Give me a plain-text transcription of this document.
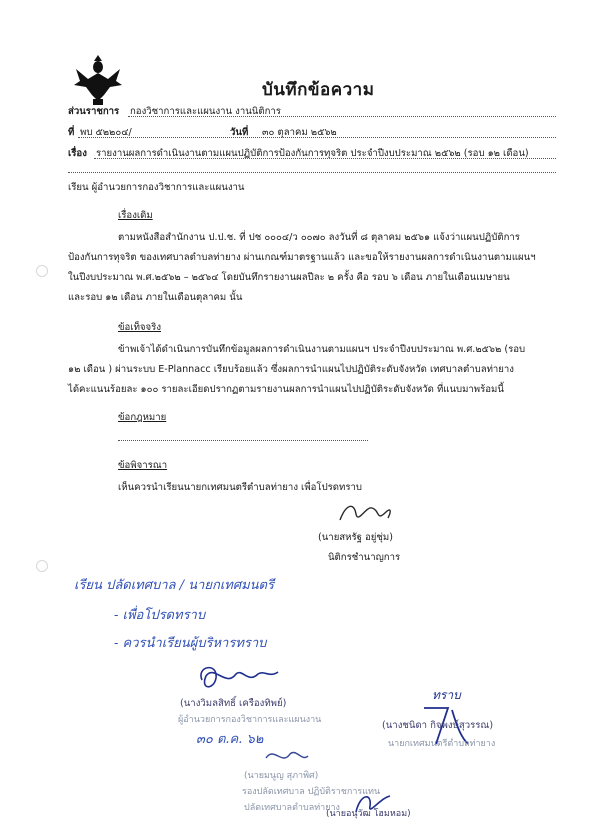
บันทึกข้อความ
ส่วนราชการ กองวิชาการและแผนงาน งานนิติการ
ที่ พบ ๕๒๒๐๔/	วันที่ ๓๐ ตุลาคม ๒๕๖๒
เรื่อง รายงานผลการดำเนินงานตามแผนปฏิบัติการป้องกันการทุจริต ประจำปีงบประมาณ ๒๕๖๒ (รอบ ๑๒ เดือน)
เรียน ผู้อำนวยการกองวิชาการและแผนงาน
เรื่องเดิม
ตามหนังสือสำนักงาน ป.ป.ช. ที่ ปช ๐๐๐๔/ว ๐๐๗๐ ลงวันที่ ๘ ตุลาคม ๒๕๖๑ แจ้งว่าแผนปฏิบัติการ
ป้องกันการทุจริต ของเทศบาลตำบลท่ายาง ผ่านเกณฑ์มาตรฐานแล้ว และขอให้รายงานผลการดำเนินงานตามแผนฯ
ในปีงบประมาณ พ.ศ.๒๕๖๒ – ๒๕๖๔ โดยบันทึกรายงานผลปีละ ๒ ครั้ง คือ รอบ ๖ เดือน ภายในเดือนเมษายน
และรอบ ๑๒ เดือน ภายในเดือนตุลาคม นั้น
ข้อเท็จจริง
ข้าพเจ้าได้ดำเนินการบันทึกข้อมูลผลการดำเนินงานตามแผนฯ ประจำปีงบประมาณ พ.ศ.๒๕๖๒ (รอบ
๑๒ เดือน ) ผ่านระบบ E-Plannacc เรียบร้อยแล้ว ซึ่งผลการนำแผนไปปฏิบัติระดับจังหวัด เทศบาลตำบลท่ายาง
ได้คะแนนร้อยละ ๑๐๐ รายละเอียดปรากฏตามรายงานผลการนำแผนไปปฏิบัติระดับจังหวัด ที่แนบมาพร้อมนี้
ข้อกฎหมาย
ข้อพิจารณา
เห็นควรนำเรียนนายกเทศมนตรีตำบลท่ายาง เพื่อโปรดทราบ
(นายสหรัฐ อยู่ชุ่ม)
นิติกรชำนาญการ
เรียน ปลัดเทศบาล / นายกเทศมนตรี
- เพื่อโปรดทราบ
- ควรนำเรียนผู้บริหารทราบ
(นางวิมลสิทธิ์ เครืองทิพย์)
ผู้อำนวยการกองวิชาการและแผนงาน
๓๐ ต.ค. ๖๒
ทราบ
(นางชนิดา กิจพงษ์สุวรรณ)
นายกเทศมนตรีตำบลท่ายาง
(นายมนูญ สุภาพิศ)
รองปลัดเทศบาล ปฏิบัติราชการแทน
ปลัดเทศบาลตำบลท่ายาง
(นายอนุวัฒ โฮมหอม)
